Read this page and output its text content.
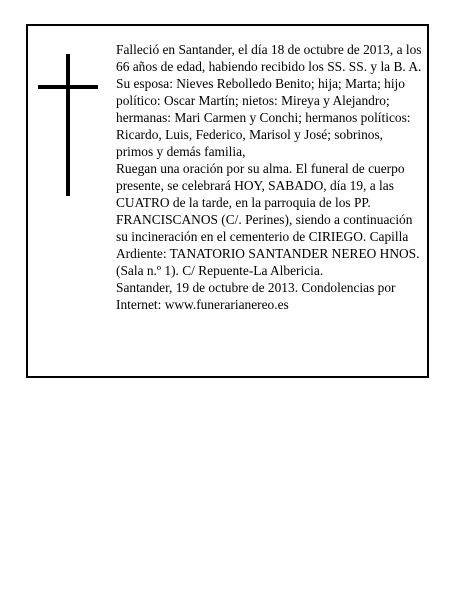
Falleció en Santander, el día 18 de octubre de 2013, a los 66 años de edad, habiendo recibido los SS. SS. y la B. A.

Su esposa: Nieves Rebolledo Benito; hija; Marta; hijo político: Oscar Martín; nietos: Mireya y Alejandro; hermanas: Mari Carmen y Conchi; hermanos políticos: Ricardo, Luis, Federico, Marisol y José; sobrinos, primos y demás familia,

Ruegan una oración por su alma. El funeral de cuerpo presente, se celebrará HOY, SABADO, día 19, a las CUATRO de la tarde, en la parroquia de los PP. FRANCISCANOS (C/. Perines), siendo a continuación su incineración en el cementerio de CIRIEGO. Capilla Ardiente: TANATORIO SANTANDER NEREO HNOS. (Sala n.º 1). C/ Repuente-La Albericia.

Santander, 19 de octubre de 2013. Condolencias por Internet: www.funerarianereo.es
